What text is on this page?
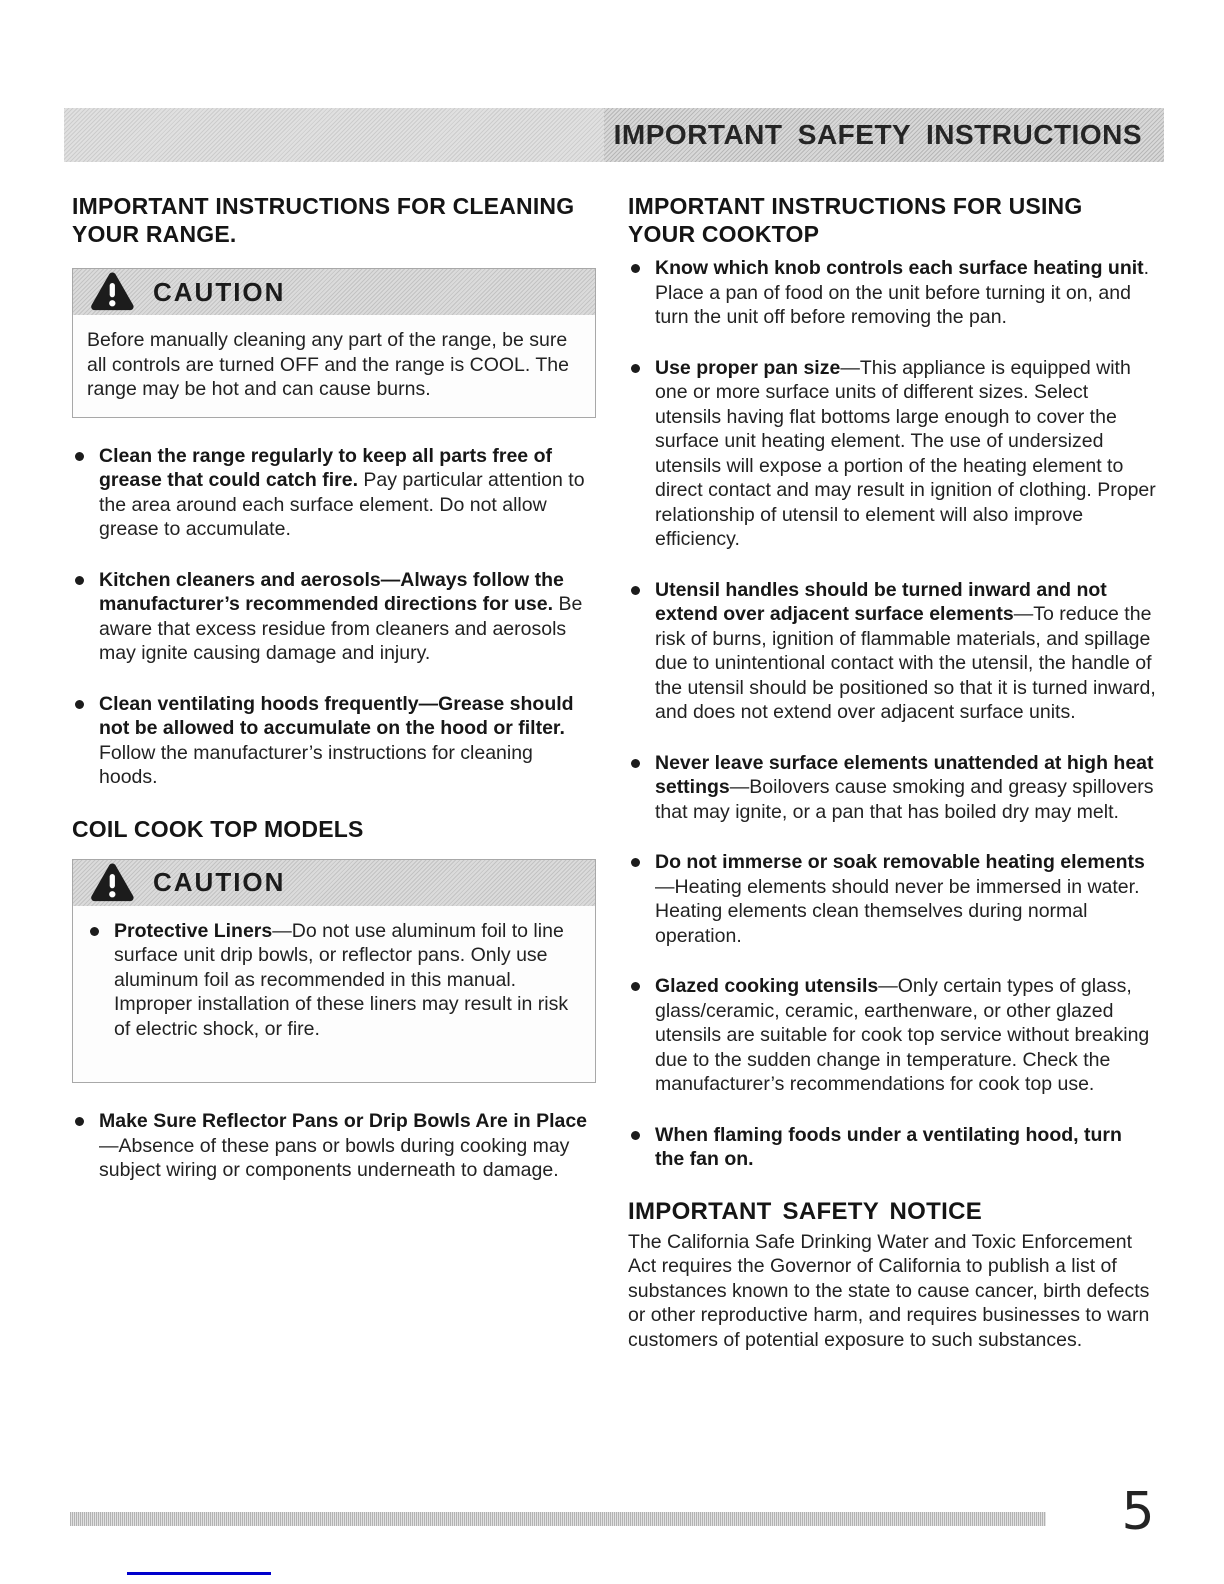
IMPORTANT SAFETY INSTRUCTIONS
IMPORTANT INSTRUCTIONS FOR CLEANING YOUR RANGE.
CAUTION
Before manually cleaning any part of the range, be sure all controls are turned OFF and the range is COOL. The range may be hot and can cause burns.
Clean the range regularly to keep all parts free of grease that could catch fire. Pay particular attention to the area around each surface element. Do not allow grease to accumulate.
Kitchen cleaners and aerosols—Always follow the manufacturer’s recommended directions for use. Be aware that excess residue from cleaners and aerosols may ignite causing damage and injury.
Clean ventilating hoods frequently—Grease should not be allowed to accumulate on the hood or filter. Follow the manufacturer’s instructions for cleaning hoods.
COIL COOK TOP MODELS
CAUTION
Protective Liners—Do not use aluminum foil to line surface unit drip bowls, or reflector pans. Only use aluminum foil as recommended in this manual. Improper installation of these liners may result in risk of electric shock, or fire.
Make Sure Reflector Pans or Drip Bowls Are in Place—Absence of these pans or bowls during cooking may subject wiring or components underneath to damage.
IMPORTANT INSTRUCTIONS FOR USING YOUR COOKTOP
Know which knob controls each surface heating unit. Place a pan of food on the unit before turning it on, and turn the unit off before removing the pan.
Use proper pan size—This appliance is equipped with one or more surface units of different sizes. Select utensils having flat bottoms large enough to cover the surface unit heating element. The use of undersized utensils will expose a portion of the heating element to direct contact and may result in ignition of clothing. Proper relationship of utensil to element will also improve efficiency.
Utensil handles should be turned inward and not extend over adjacent surface elements—To reduce the risk of burns, ignition of flammable materials, and spillage due to unintentional contact with the utensil, the handle of the utensil should be positioned so that it is turned inward, and does not extend over adjacent surface units.
Never leave surface elements unattended at high heat settings—Boilovers cause smoking and greasy spillovers that may ignite, or a pan that has boiled dry may melt.
Do not immerse or soak removable heating elements—Heating elements should never be immersed in water. Heating elements clean themselves during normal operation.
Glazed cooking utensils—Only certain types of glass, glass/ceramic, ceramic, earthenware, or other glazed utensils are suitable for cook top service without breaking due to the sudden change in temperature. Check the manufacturer’s recommendations for cook top use.
When flaming foods under a ventilating hood, turn the fan on.
IMPORTANT SAFETY NOTICE
The California Safe Drinking Water and Toxic Enforcement Act requires the Governor of California to publish a list of substances known to the state to cause cancer, birth defects or other reproductive harm, and requires businesses to warn customers of potential exposure to such substances.
5
